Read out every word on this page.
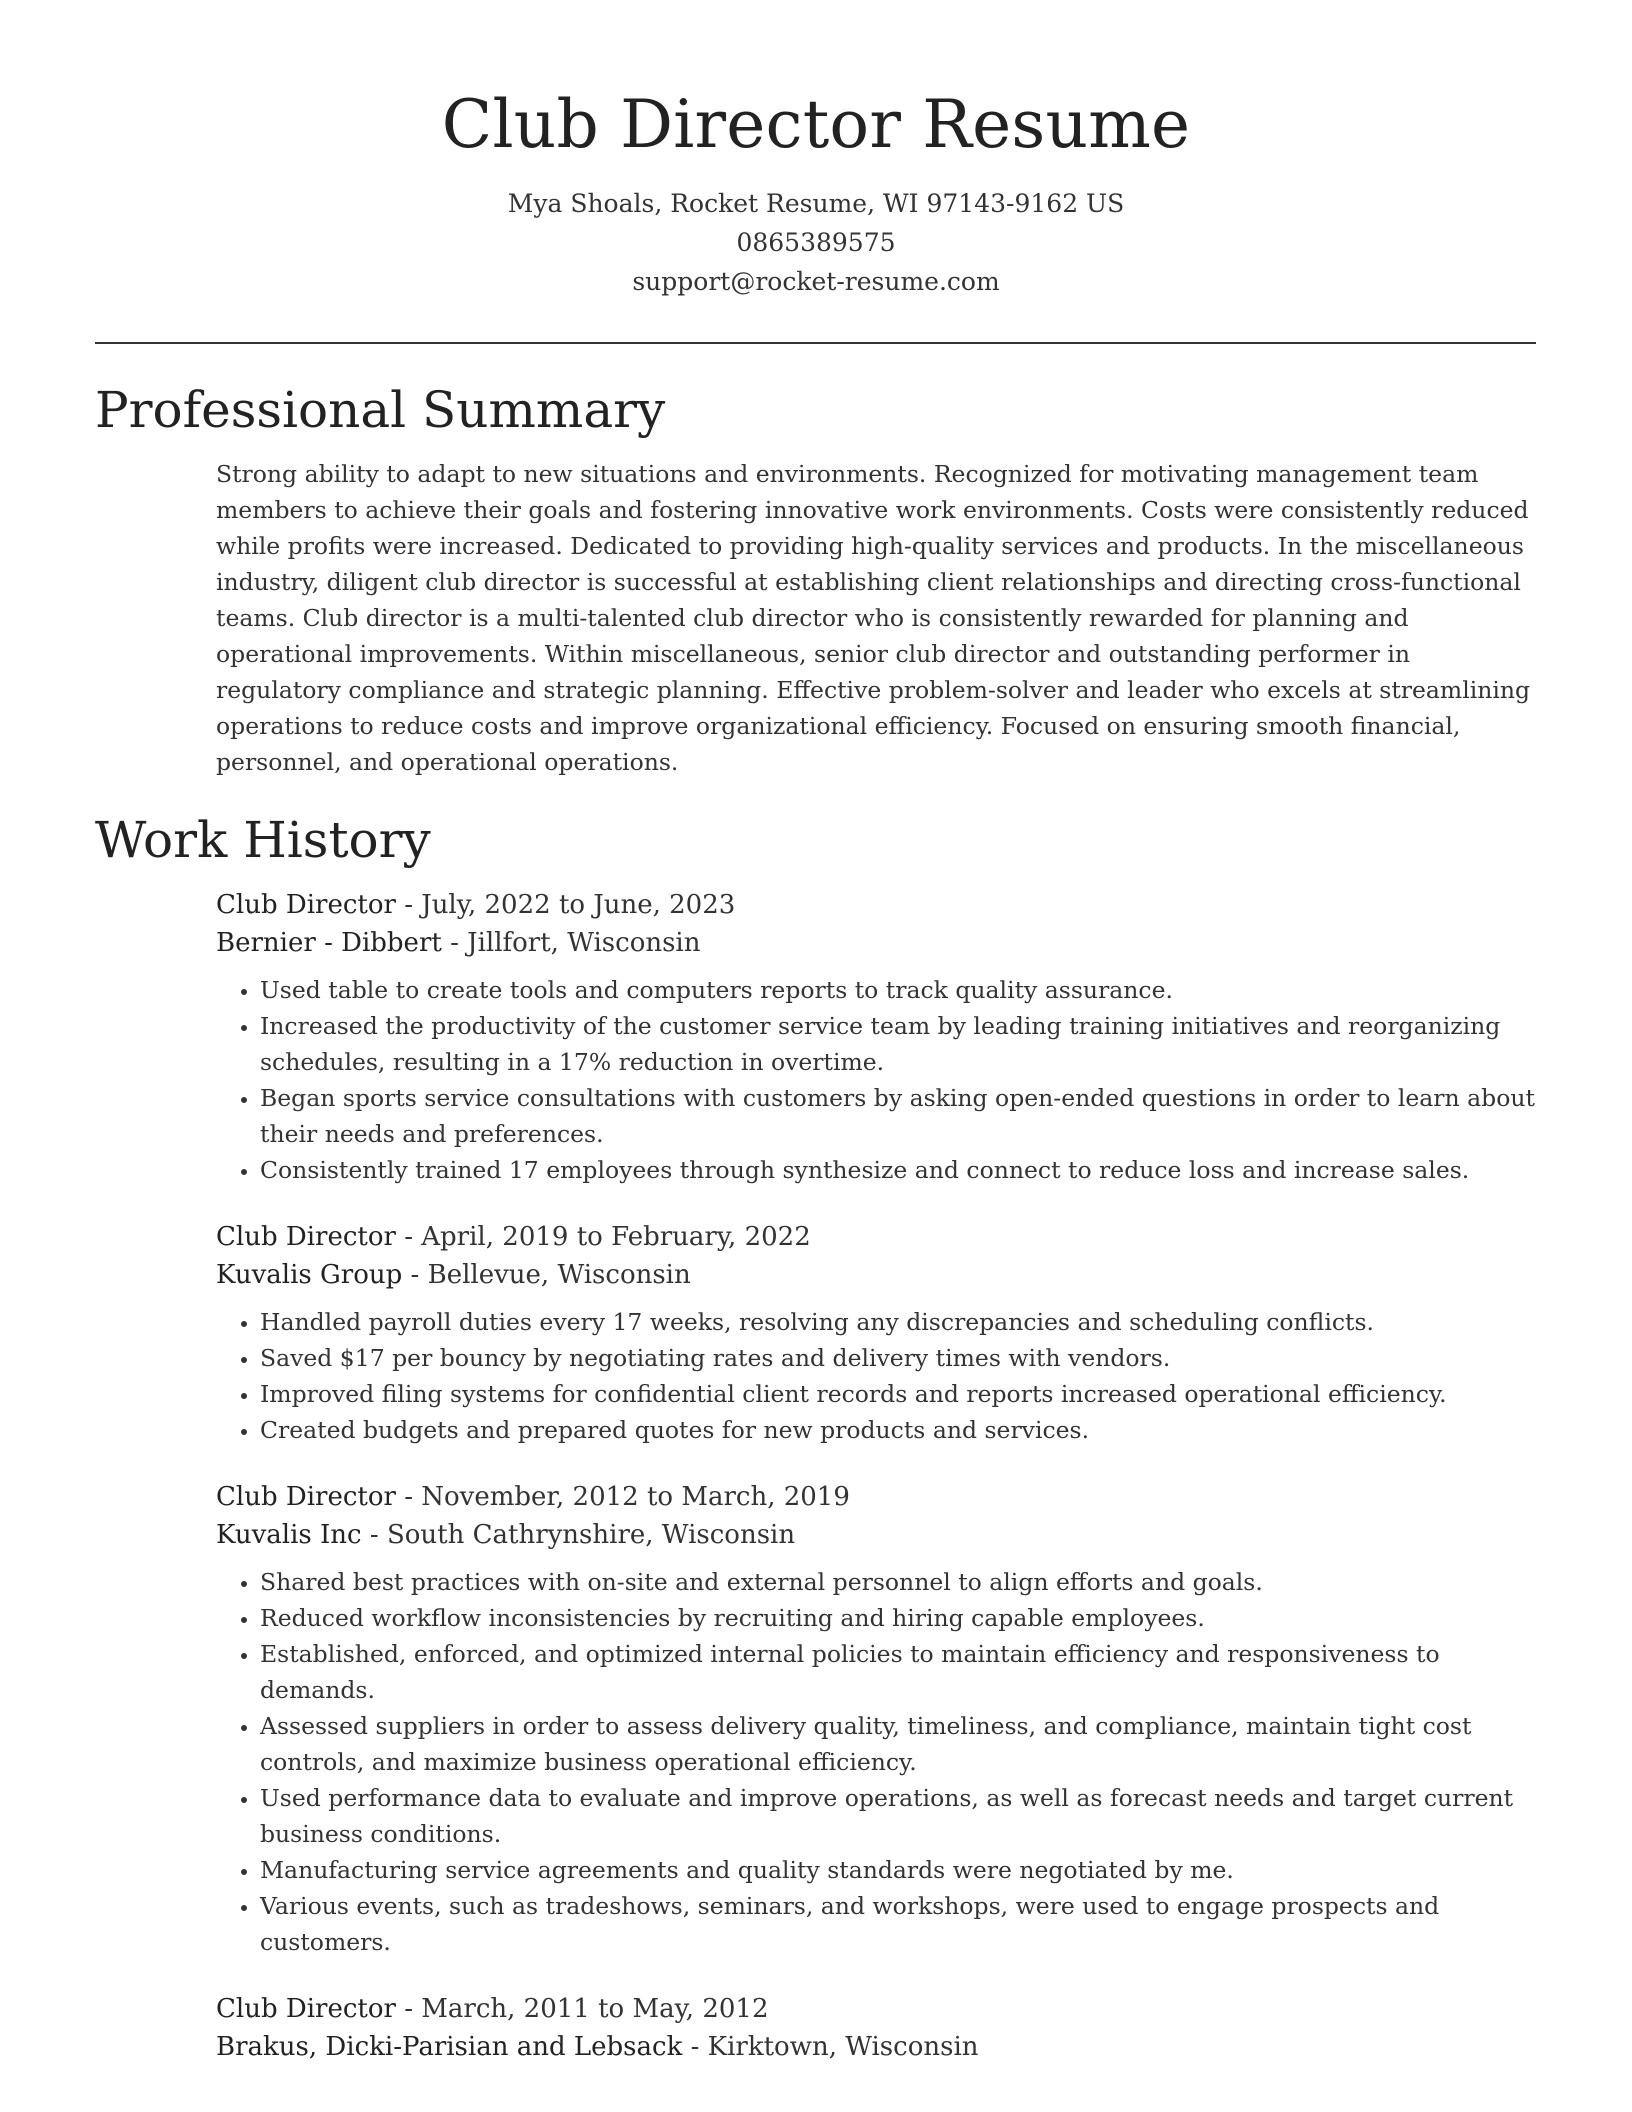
Club Director Resume
Mya Shoals, Rocket Resume, WI 97143-9162 US
0865389575
support@rocket-resume.com
Professional Summary

Strong ability to adapt to new situations and environments. Recognized for motivating management team members to achieve their goals and fostering innovative work environments. Costs were consistently reduced while profits were increased. Dedicated to providing high-quality services and products. In the miscellaneous industry, diligent club director is successful at establishing client relationships and directing cross-functional teams. Club director is a multi-talented club director who is consistently rewarded for planning and operational improvements. Within miscellaneous, senior club director and outstanding performer in regulatory compliance and strategic planning. Effective problem-solver and leader who excels at streamlining operations to reduce costs and improve organizational efficiency. Focused on ensuring smooth financial, personnel, and operational operations.

Work History
Club Director - July, 2022 to June, 2023
Bernier - Dibbert - Jillfort, Wisconsin
• Used table to create tools and computers reports to track quality assurance.
• Increased the productivity of the customer service team by leading training initiatives and reorganizing schedules, resulting in a 17% reduction in overtime.
• Began sports service consultations with customers by asking open-ended questions in order to learn about their needs and preferences.
• Consistently trained 17 employees through synthesize and connect to reduce loss and increase sales.
Club Director - April, 2019 to February, 2022
Kuvalis Group - Bellevue, Wisconsin
• Handled payroll duties every 17 weeks, resolving any discrepancies and scheduling conflicts.
• Saved $17 per bouncy by negotiating rates and delivery times with vendors.
• Improved filing systems for confidential client records and reports increased operational efficiency.
• Created budgets and prepared quotes for new products and services.
Club Director - November, 2012 to March, 2019
Kuvalis Inc - South Cathrynshire, Wisconsin
• Shared best practices with on-site and external personnel to align efforts and goals.
• Reduced workflow inconsistencies by recruiting and hiring capable employees.
• Established, enforced, and optimized internal policies to maintain efficiency and responsiveness to demands.
• Assessed suppliers in order to assess delivery quality, timeliness, and compliance, maintain tight cost controls, and maximize business operational efficiency.
• Used performance data to evaluate and improve operations, as well as forecast needs and target current business conditions.
• Manufacturing service agreements and quality standards were negotiated by me.
• Various events, such as tradeshows, seminars, and workshops, were used to engage prospects and customers.
Club Director - March, 2011 to May, 2012
Brakus, Dicki-Parisian and Lebsack - Kirktown, Wisconsin
